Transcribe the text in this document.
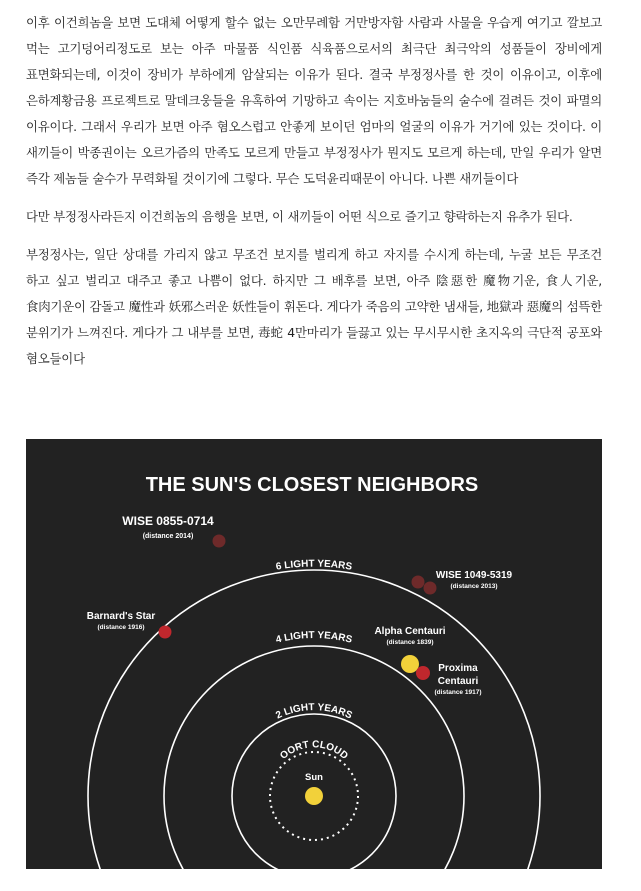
이후 이건희놈을 보면 도대체 어떻게 할수 없는 오만무례함 거만방자함 사람과 사물을 우습게 여기고 깔보고 먹는 고기덩어리정도로 보는 아주 마물품 식인품 식육품으로서의 최극단 최극악의 성품들이 장비에게 표면화되는데, 이것이 장비가 부하에게 암살되는 이유가 된다. 결국 부정정사를 한 것이 이유이고, 이후에 은하계황금용 프로젝트로 말데크웅들을 유혹하여 기망하고 속이는 지호바눔들의 술수에 걸려든 것이 파멸의 이유이다. 그래서 우리가 보면 아주 혐오스럽고 안좋게 보이던 엄마의 얼굴의 이유가 거기에 있는 것이다. 이 새끼들이 박종권이는 오르가즘의 만족도 모르게 만들고 부정정사가 뭔지도 모르게 하는데, 만일 우리가 알면 즉각 제놈들 술수가 무력화될 것이기에 그렇다. 무슨 도덕윤리때문이 아니다. 나쁜 새끼들이다

다만 부정정사라든지 이건희놈의 음행을 보면, 이 새끼들이 어떤 식으로 즐기고 향락하는지 유추가 된다.

부정정사는, 일단 상대를 가리지 않고 무조건 보지를 벌리게 하고 자지를 수시게 하는데, 누굴 보든 무조건 하고 싶고 벌리고 대주고 좋고 나쁨이 없다. 하지만 그 배후를 보면, 아주 陰惡한 魔物기운, 食人기운, 食肉기운이 감돌고 魔性과 妖邪스러운 妖性들이 휘돈다. 게다가 죽음의 고약한 냄새들, 地獄과 惡魔의 섬뜩한 분위기가 느껴진다. 게다가 그 내부를 보면, 毒蛇 4만마리가 들끓고 있는 무시무시한 초지옥의 극단적 공포와 혐오들이다

THE SUN'S CLOSEST NEIGHBORS
OORT CLOUD
2 LIGHT YEARS
4 LIGHT YEARS
6 LIGHT YEARS
Sun
Alpha Centauri
(distance 1839)
Proxima
Centauri
(distance 1917)
Barnard's Star
(distance 1916)
WISE 1049-5319
(distance 2013)
WISE 0855-0714
(distance 2014)
